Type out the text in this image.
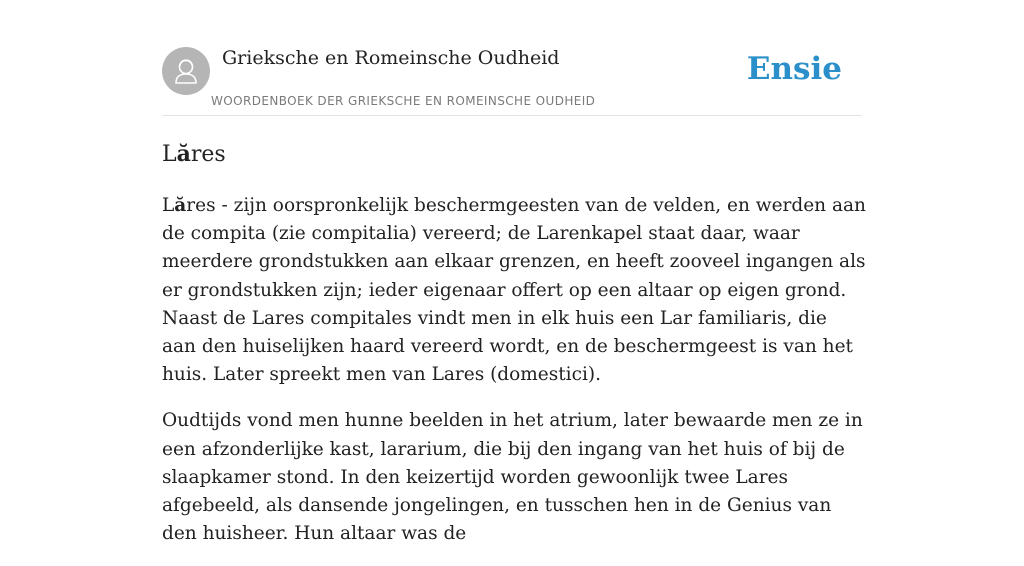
Grieksche en Romeinsche Oudheid
WOORDENBOEK DER GRIEKSCHE EN ROMEINSCHE OUDHEID
Ensie
Lăres

Lăres - zijn oorspronkelijk beschermgeesten van de velden, en werden aan de compita (zie compitalia) vereerd; de Larenkapel staat daar, waar meerdere grondstukken aan elkaar grenzen, en heeft zooveel ingangen als er grondstukken zijn; ieder eigenaar offert op een altaar op eigen grond. Naast de Lares compitales vindt men in elk huis een Lar familiaris, die aan den huiselijken haard vereerd wordt, en de beschermgeest is van het huis. Later spreekt men van Lares (domestici).

Oudtijds vond men hunne beelden in het atrium, later bewaarde men ze in een afzonderlijke kast, lararium, die bij den ingang van het huis of bij de slaapkamer stond. In den keizertijd worden gewoonlijk twee Lares afgebeeld, als dansende jongelingen, en tusschen hen in de Genius van den huisheer. Hun altaar was de
